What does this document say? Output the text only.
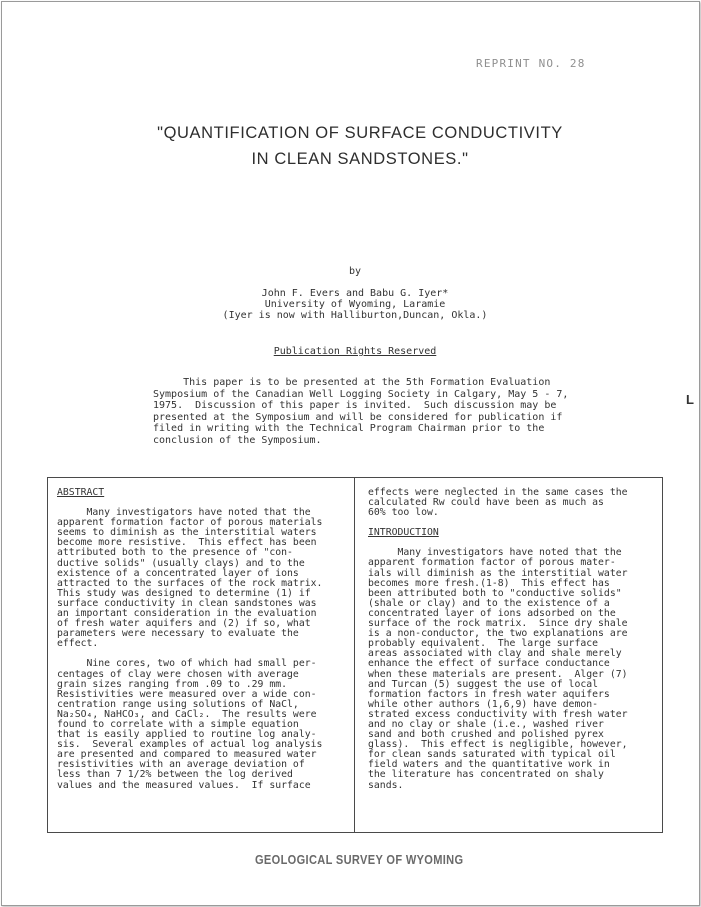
REPRINT NO. 28
"QUANTIFICATION OF SURFACE CONDUCTIVITY
IN CLEAN SANDSTONES."
by
John F. Evers and Babu G. Iyer*
University of Wyoming, Laramie
(Iyer is now with Halliburton,Duncan, Okla.)
Publication Rights Reserved
This paper is to be presented at the 5th Formation Evaluation
Symposium of the Canadian Well Logging Society in Calgary, May 5 - 7,
1975.  Discussion of this paper is invited.  Such discussion may be
presented at the Symposium and will be considered for publication if
filed in writing with the Technical Program Chairman prior to the
conclusion of the Symposium.
L
ABSTRACT
Many investigators have noted that the
apparent formation factor of porous materials
seems to diminish as the interstitial waters
become more resistive.  This effect has been
attributed both to the presence of "con-
ductive solids" (usually clays) and to the
existence of a concentrated layer of ions
attracted to the surfaces of the rock matrix.
This study was designed to determine (1) if
surface conductivity in clean sandstones was
an important consideration in the evaluation
of fresh water aquifers and (2) if so, what
parameters were necessary to evaluate the
effect.
Nine cores, two of which had small per-
centages of clay were chosen with average
grain sizes ranging from .09 to .29 mm.
Resistivities were measured over a wide con-
centration range using solutions of NaCl,
Na₂SO₄, NaHCO₃, and CaCl₂.  The results were
found to correlate with a simple equation
that is easily applied to routine log analy-
sis.  Several examples of actual log analysis
are presented and compared to measured water
resistivities with an average deviation of
less than 7 1/2% between the log derived
values and the measured values.  If surface
effects were neglected in the same cases the
calculated Rw could have been as much as
60% too low.
INTRODUCTION
Many investigators have noted that the
apparent formation factor of porous mater-
ials will diminish as the interstitial water
becomes more fresh.(1-8)  This effect has
been attributed both to "conductive solids"
(shale or clay) and to the existence of a
concentrated layer of ions adsorbed on the
surface of the rock matrix.  Since dry shale
is a non-conductor, the two explanations are
probably equivalent.  The large surface
areas associated with clay and shale merely
enhance the effect of surface conductance
when these materials are present.  Alger (7)
and Turcan (5) suggest the use of local
formation factors in fresh water aquifers
while other authors (1,6,9) have demon-
strated excess conductivity with fresh water
and no clay or shale (i.e., washed river
sand and both crushed and polished pyrex
glass).  This effect is negligible, however,
for clean sands saturated with typical oil
field waters and the quantitative work in
the literature has concentrated on shaly
sands.
GEOLOGICAL SURVEY OF WYOMING
